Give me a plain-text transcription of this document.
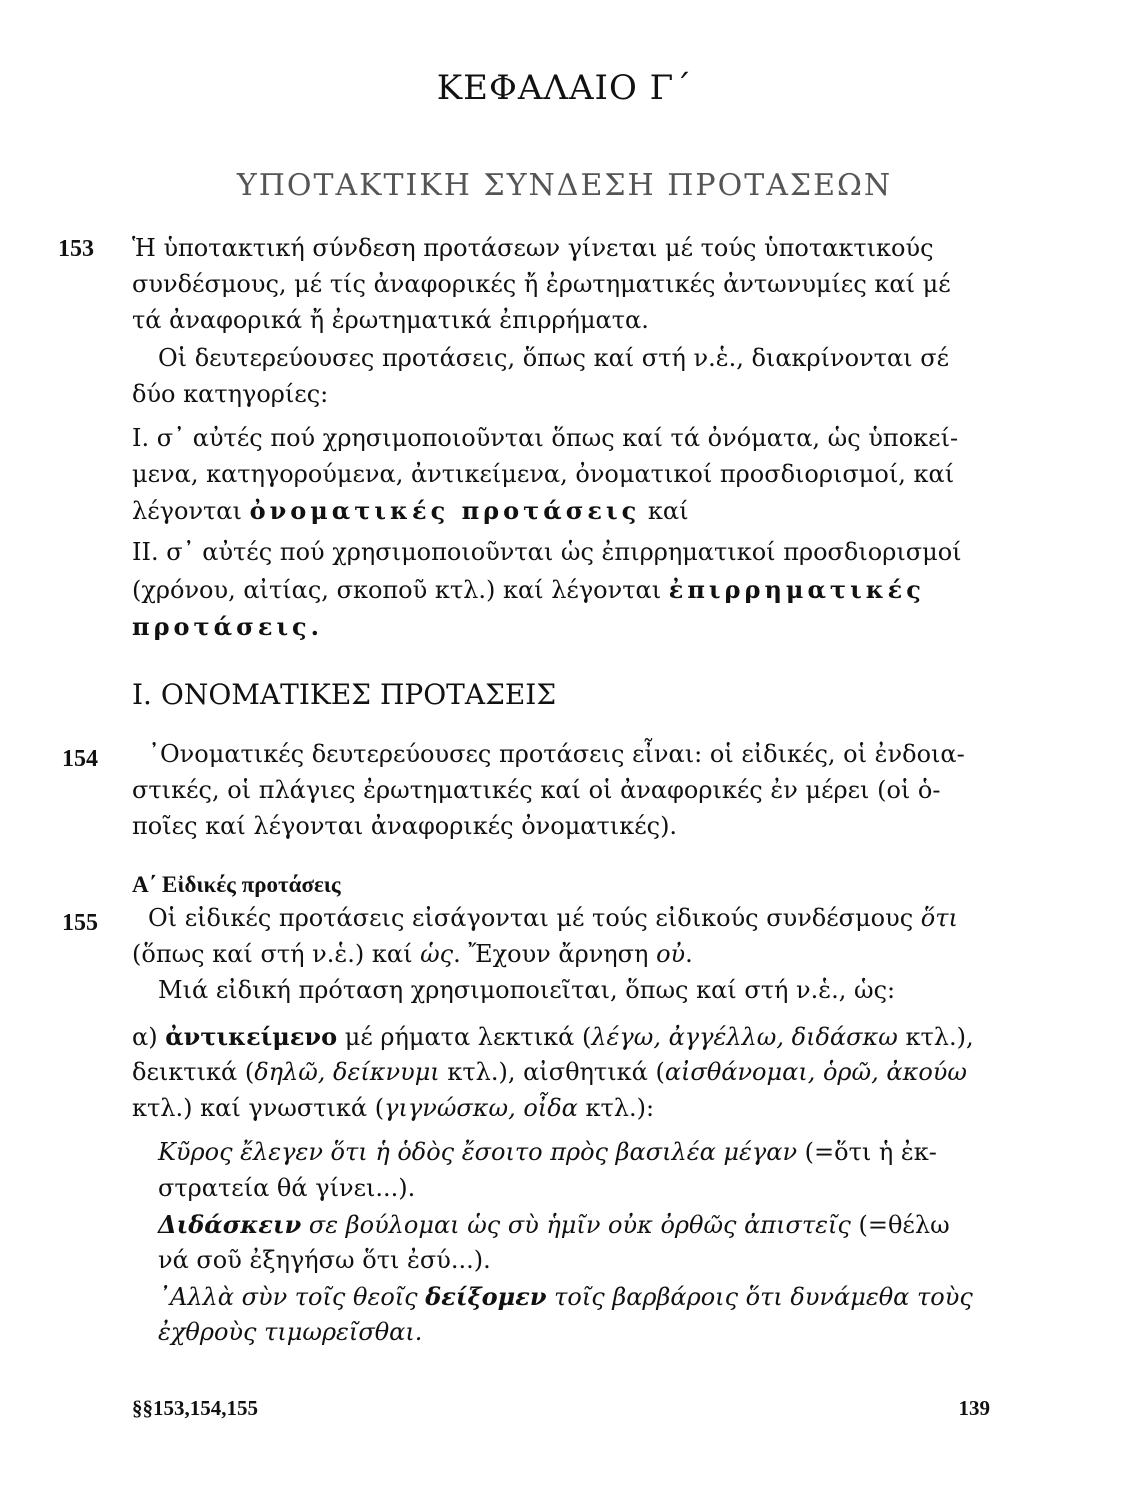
ΚΕΦΑΛΑΙΟ Γ΄
ΥΠΟΤΑΚΤΙΚΗ ΣΥΝΔΕΣΗ ΠΡΟΤΑΣΕΩΝ
153 Ἡ ὑποτακτική σύνδεση προτάσεων γίνεται μέ τούς ὑποτακτικούς
συνδέσμους, μέ τίς ἀναφορικές ἤ ἐρωτηματικές ἀντωνυμίες καί μέ
τά ἀναφορικά ἤ ἐρωτηματικά ἐπιρρήματα.
Οἱ δευτερεύουσες προτάσεις, ὅπως καί στή ν.ἑ., διακρίνονται σέ
δύο κατηγορίες:
Ι. σ᾽ αὐτές πού χρησιμοποιοῦνται ὅπως καί τά ὀνόματα, ὡς ὑποκεί-
μενα, κατηγορούμενα, ἀντικείμενα, ὀνοματικοί προσδιορισμοί, καί
λέγονται ὀνοματικές προτάσεις καί
ΙΙ. σ᾽ αὐτές πού χρησιμοποιοῦνται ὡς ἐπιρρηματικοί προσδιορισμοί
(χρόνου, αἰτίας, σκοποῦ κτλ.) καί λέγονται ἐπιρρηματικές
προτάσεις.
Ι. ΟΝΟΜΑΤΙΚΕΣ ΠΡΟΤΑΣΕΙΣ
154 ᾽Ονοματικές δευτερεύουσες προτάσεις εἶναι: οἱ εἰδικές, οἱ ἐνδοια-
στικές, οἱ πλάγιες ἐρωτηματικές καί οἱ ἀναφορικές ἐν μέρει (οἱ ὁ-
ποῖες καί λέγονται ἀναφορικές ὀνοματικές).
Α΄ Εἰδικές προτάσεις
155 Οἱ εἰδικές προτάσεις εἰσάγονται μέ τούς εἰδικούς συνδέσμους ὅτι
(ὅπως καί στή ν.ἑ.) καί ὡς. Ἔχουν ἄρνηση οὐ.
Μιά εἰδική πρόταση χρησιμοποιεῖται, ὅπως καί στή ν.ἑ., ὡς:
α) ἀντικείμενο μέ ρήματα λεκτικά (λέγω, ἀγγέλλω, διδάσκω κτλ.),
δεικτικά (δηλῶ, δείκνυμι κτλ.), αἰσθητικά (αἰσθάνομαι, ὁρῶ, ἀκούω
κτλ.) καί γνωστικά (γιγνώσκω, οἶδα κτλ.):
Κῦρος ἔλεγεν ὅτι ἡ ὁδὸς ἔσοιτο πρὸς βασιλέα μέγαν (=ὅτι ἡ ἐκ-
στρατεία θά γίνει...).
Διδάσκειν σε βούλομαι ὡς σὺ ἡμῖν οὐκ ὀρθῶς ἀπιστεῖς (=θέλω
νά σοῦ ἐξηγήσω ὅτι ἐσύ...).
᾽Αλλὰ σὺν τοῖς θεοῖς δείξομεν τοῖς βαρβάροις ὅτι δυνάμεθα τοὺς
ἐχθροὺς τιμωρεῖσθαι.
§§153,154,155	139
